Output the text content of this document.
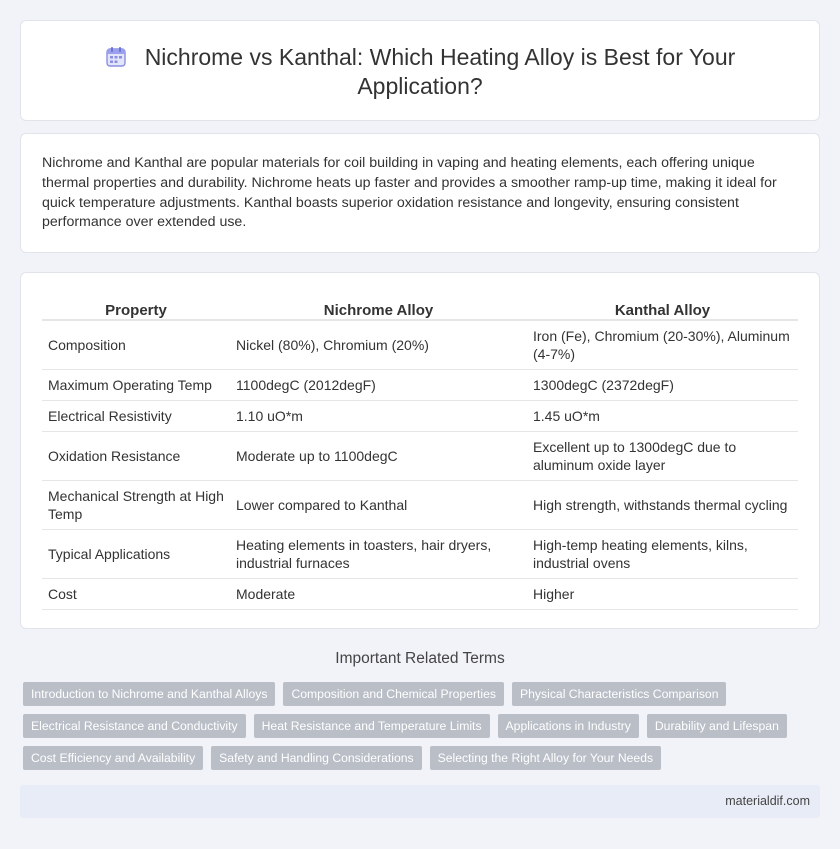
Nichrome vs Kanthal: Which Heating Alloy is Best for Your Application?

Nichrome and Kanthal are popular materials for coil building in vaping and heating elements, each offering unique thermal properties and durability. Nichrome heats up faster and provides a smoother ramp-up time, making it ideal for quick temperature adjustments. Kanthal boasts superior oxidation resistance and longevity, ensuring consistent performance over extended use.

Property	Nichrome Alloy	Kanthal Alloy
Composition	Nickel (80%), Chromium (20%)	Iron (Fe), Chromium (20-30%), Aluminum (4-7%)
Maximum Operating Temp	1100degC (2012degF)	1300degC (2372degF)
Electrical Resistivity	1.10 uO*m	1.45 uO*m
Oxidation Resistance	Moderate up to 1100degC	Excellent up to 1300degC due to aluminum oxide layer
Mechanical Strength at High Temp	Lower compared to Kanthal	High strength, withstands thermal cycling
Typical Applications	Heating elements in toasters, hair dryers, industrial furnaces	High-temp heating elements, kilns, industrial ovens
Cost	Moderate	Higher
Important Related Terms
Introduction to Nichrome and Kanthal Alloys	Composition and Chemical Properties	Physical Characteristics Comparison
Electrical Resistance and Conductivity	Heat Resistance and Temperature Limits	Applications in Industry	Durability and Lifespan
Cost Efficiency and Availability	Safety and Handling Considerations	Selecting the Right Alloy for Your Needs
materialdif.com
